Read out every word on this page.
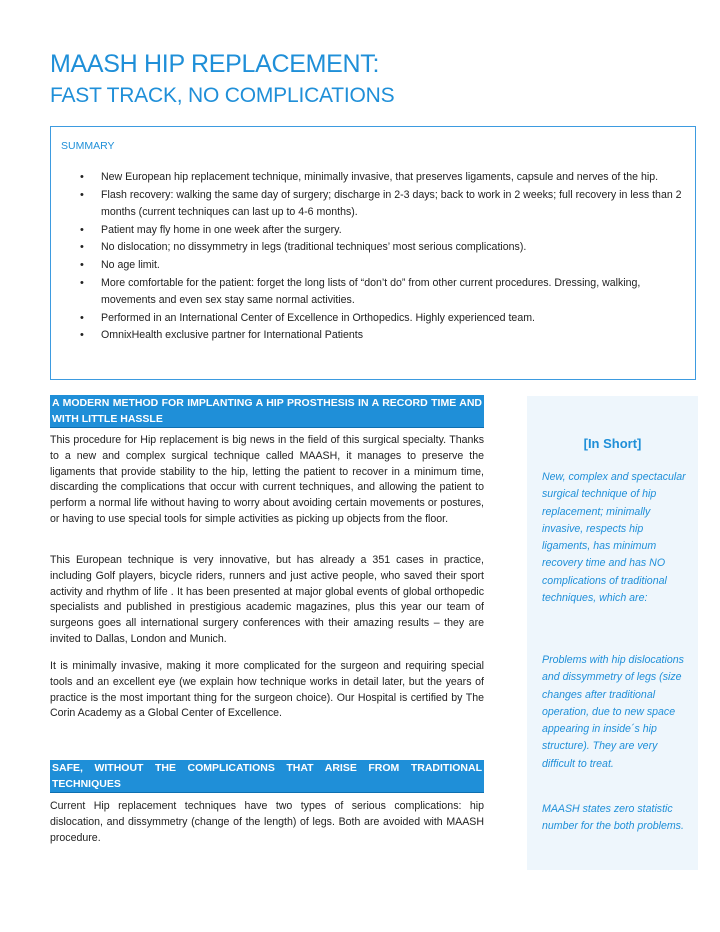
MAASH HIP REPLACEMENT:
FAST TRACK, NO COMPLICATIONS
SUMMARY
• New European hip replacement technique, minimally invasive, that preserves ligaments, capsule and nerves of the hip.
• Flash recovery: walking the same day of surgery; discharge in 2-3 days; back to work in 2 weeks; full recovery in less than 2 months (current techniques can last up to 4-6 months).
• Patient may fly home in one week after the surgery.
• No dislocation; no dissymmetry in legs (traditional techniques’ most serious complications).
• No age limit.
• More comfortable for the patient: forget the long lists of “don’t do” from other current procedures. Dressing, walking, movements and even sex stay same normal activities.
• Performed in an International Center of Excellence in Orthopedics. Highly experienced team.
• OmnixHealth exclusive partner for International Patients
A MODERN METHOD FOR IMPLANTING A HIP PROSTHESIS IN A RECORD TIME AND WITH LITTLE HASSLE

This procedure for Hip replacement is big news in the field of this surgical specialty. Thanks to a new and complex surgical technique called MAASH, it manages to preserve the ligaments that provide stability to the hip, letting the patient to recover in a minimum time, discarding the complications that occur with current techniques, and allowing the patient to perform a normal life without having to worry about avoiding certain movements or postures, or having to use special tools for simple activities as picking up objects from the floor.

This European technique is very innovative, but has already a 351 cases in practice, including Golf players, bicycle riders, runners and just active people, who saved their sport activity and rhythm of life . It has been presented at major global events of global orthopedic specialists and published in prestigious academic magazines, plus this year our team of surgeons goes all international surgery conferences with their amazing results – they are invited to Dallas, London and Munich.

It is minimally invasive, making it more complicated for the surgeon and requiring special tools and an excellent eye (we explain how technique works in detail later, but the years of practice is the most important thing for the surgeon choice). Our Hospital is certified by The Corin Academy as a Global Center of Excellence.

SAFE, WITHOUT THE COMPLICATIONS THAT ARISE FROM TRADITIONAL TECHNIQUES

Current Hip replacement techniques have two types of serious complications: hip dislocation, and dissymmetry (change of the length) of legs. Both are avoided with MAASH procedure.

[In Short]

New, complex and spectacular surgical technique of hip replacement; minimally invasive, respects hip ligaments, has minimum recovery time and has NO complications of traditional techniques, which are:

Problems with hip dislocations and dissymmetry of legs (size changes after traditional operation, due to new space appearing in inside´s hip structure). They are very difficult to treat.

MAASH states zero statistic number for the both problems.
